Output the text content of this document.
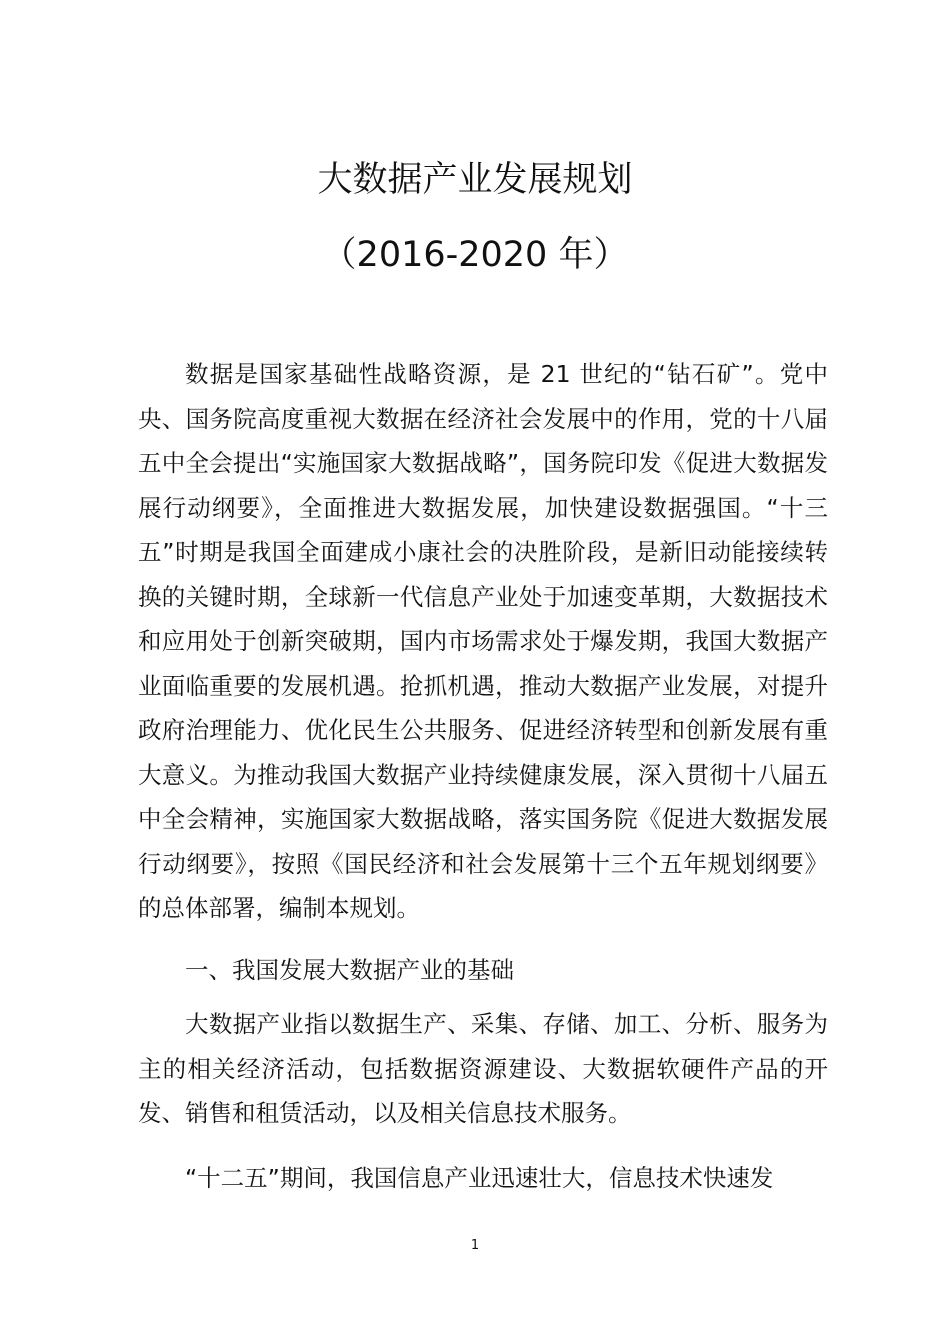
大数据产业发展规划
（2016-2020 年）

数据是国家基础性战略资源，是 21 世纪的“钻石矿”。党中央、国务院高度重视大数据在经济社会发展中的作用，党的十八届五中全会提出“实施国家大数据战略”，国务院印发《促进大数据发展行动纲要》，全面推进大数据发展，加快建设数据强国。“十三五”时期是我国全面建成小康社会的决胜阶段，是新旧动能接续转换的关键时期，全球新一代信息产业处于加速变革期，大数据技术和应用处于创新突破期，国内市场需求处于爆发期，我国大数据产业面临重要的发展机遇。抢抓机遇，推动大数据产业发展，对提升政府治理能力、优化民生公共服务、促进经济转型和创新发展有重大意义。为推动我国大数据产业持续健康发展，深入贯彻十八届五中全会精神，实施国家大数据战略，落实国务院《促进大数据发展行动纲要》，按照《国民经济和社会发展第十三个五年规划纲要》的总体部署，编制本规划。

一、我国发展大数据产业的基础

大数据产业指以数据生产、采集、存储、加工、分析、服务为主的相关经济活动，包括数据资源建设、大数据软硬件产品的开发、销售和租赁活动，以及相关信息技术服务。

“十二五”期间，我国信息产业迅速壮大，信息技术快速发

1
